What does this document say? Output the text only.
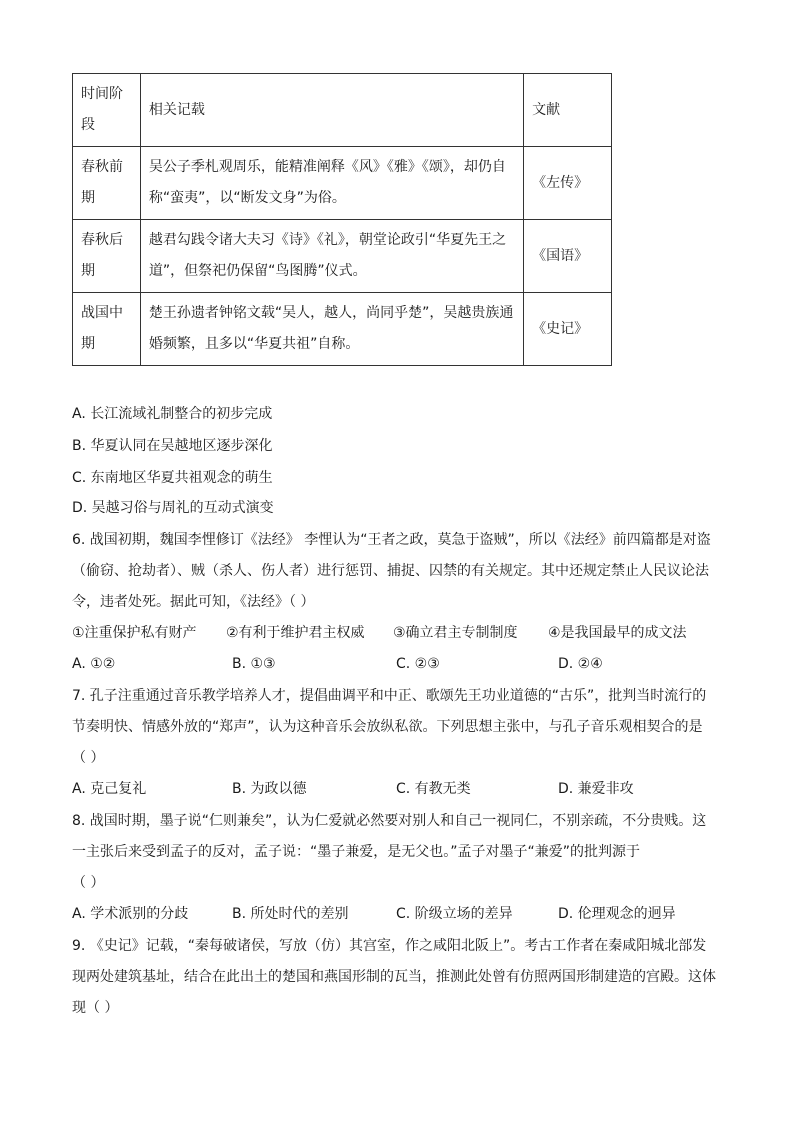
时间阶段	相关记载	文献
春秋前期	吴公子季札观周乐，能精准阐释《风》《雅》《颂》，却仍自称“蛮夷”，以“断发文身”为俗。	《左传》
春秋后期	越君勾践令诸大夫习《诗》《礼》，朝堂论政引“华夏先王之道”，但祭祀仍保留“鸟图腾”仪式。	《国语》
战国中期	楚王孙遗者钟铭文载“吴人，越人，尚同乎楚”，吴越贵族通婚频繁，且多以“华夏共祖”自称。	《史记》
A. 长江流域礼制整合的初步完成
B. 华夏认同在吴越地区逐步深化
C. 东南地区华夏共祖观念的萌生
D. 吴越习俗与周礼的互动式演变
6. 战国初期，魏国李悝修订《法经》 李悝认为“王者之政，莫急于盗贼”，所以《法经》前四篇都是对盗
（偷窃、抢劫者）、贼（杀人、伤人者）进行惩罚、捕捉、囚禁的有关规定。其中还规定禁止人民议论法
令，违者处死。据此可知，《法经》（ ）
①注重保护私有财产 ②有利于维护君主权威 ③确立君主专制制度 ④是我国最早的成文法
A. ①②	B. ①③	C. ②③	D. ②④
7. 孔子注重通过音乐教学培养人才，提倡曲调平和中正、歌颂先王功业道德的“古乐”，批判当时流行的
节奏明快、情感外放的“郑声”，认为这种音乐会放纵私欲。下列思想主张中，与孔子音乐观相契合的是
（ ）
A. 克己复礼	B. 为政以德	C. 有教无类	D. 兼爱非攻
8. 战国时期，墨子说“仁则兼矣”，认为仁爱就必然要对别人和自己一视同仁，不别亲疏，不分贵贱。这
一主张后来受到孟子的反对，孟子说：“墨子兼爱，是无父也。”孟子对墨子“兼爱”的批判源于
（ ）
A. 学术派别的分歧	B. 所处时代的差别	C. 阶级立场的差异	D. 伦理观念的迥异
9. 《史记》记载，“秦每破诸侯，写放（仿）其宫室，作之咸阳北阪上”。考古工作者在秦咸阳城北部发
现两处建筑基址，结合在此出土的楚国和燕国形制的瓦当，推测此处曾有仿照两国形制建造的宫殿。这体
现（ ）
